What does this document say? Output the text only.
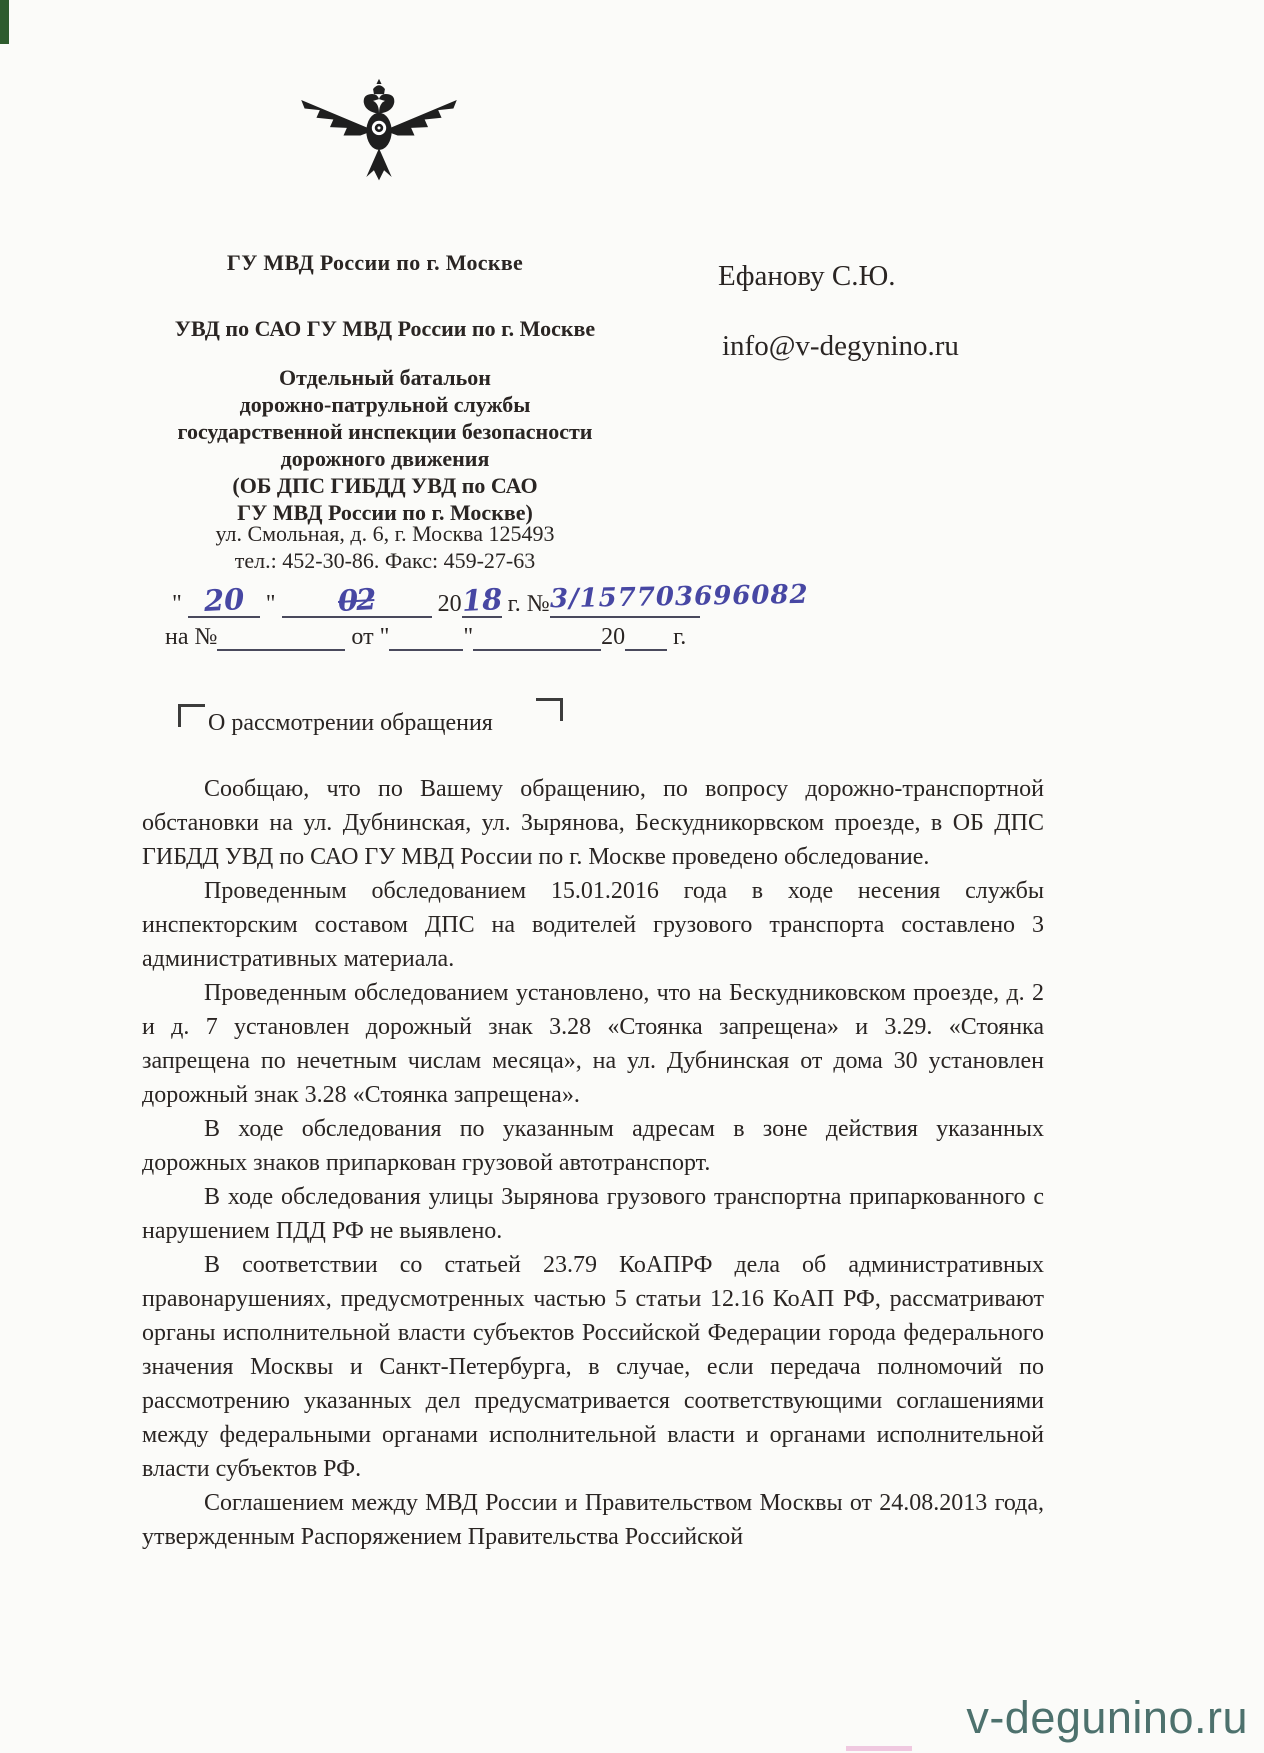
ГУ МВД России по г. Москве	Ефанову С.Ю.
УВД по САО ГУ МВД России по г. Москве
info@v-degynino.ru
Отдельный батальон
дорожно-патрульной службы
государственной инспекции безопасности
дорожного движения
(ОБ ДПС ГИБДД УВД по САО
ГУ МВД России по г. Москве)
ул. Смольная, д. 6, г. Москва 125493
тел.: 452-30-86. Факс: 459-27-63
" 20 " 02	2018 г. №3/157703696082
на №	от "	"	20 г.
О рассмотрении обращения

Сообщаю, что по Вашему обращению, по вопросу дорожно-транспортной обстановки на ул. Дубнинская, ул. Зырянова, Бескудникорвском проезде, в ОБ ДПС ГИБДД УВД по САО ГУ МВД России по г. Москве проведено обследование.

Проведенным обследованием 15.01.2016 года в ходе несения службы инспекторским составом ДПС на водителей грузового транспорта составлено 3 административных материала.

Проведенным обследованием установлено, что на Бескудниковском проезде, д. 2 и д. 7 установлен дорожный знак 3.28 «Стоянка запрещена» и 3.29. «Стоянка запрещена по нечетным числам месяца», на ул. Дубнинская от дома 30 установлен дорожный знак 3.28 «Стоянка запрещена».

В ходе обследования по указанным адресам в зоне действия указанных дорожных знаков припаркован грузовой автотранспорт.

В ходе обследования улицы Зырянова грузового транспортна припаркованного с нарушением ПДД РФ не выявлено.

В соответствии со статьей 23.79 КоАПРФ дела об административных правонарушениях, предусмотренных частью 5 статьи 12.16 КоАП РФ, рассматривают органы исполнительной власти субъектов Российской Федерации города федерального значения Москвы и Санкт-Петербурга, в случае, если передача полномочий по рассмотрению указанных дел предусматривается соответствующими соглашениями между федеральными органами исполнительной власти и органами исполнительной власти субъектов РФ.

Соглашением между МВД России и Правительством Москвы от 24.08.2013 года, утвержденным Распоряжением Правительства Российской

v-degunino.ru
